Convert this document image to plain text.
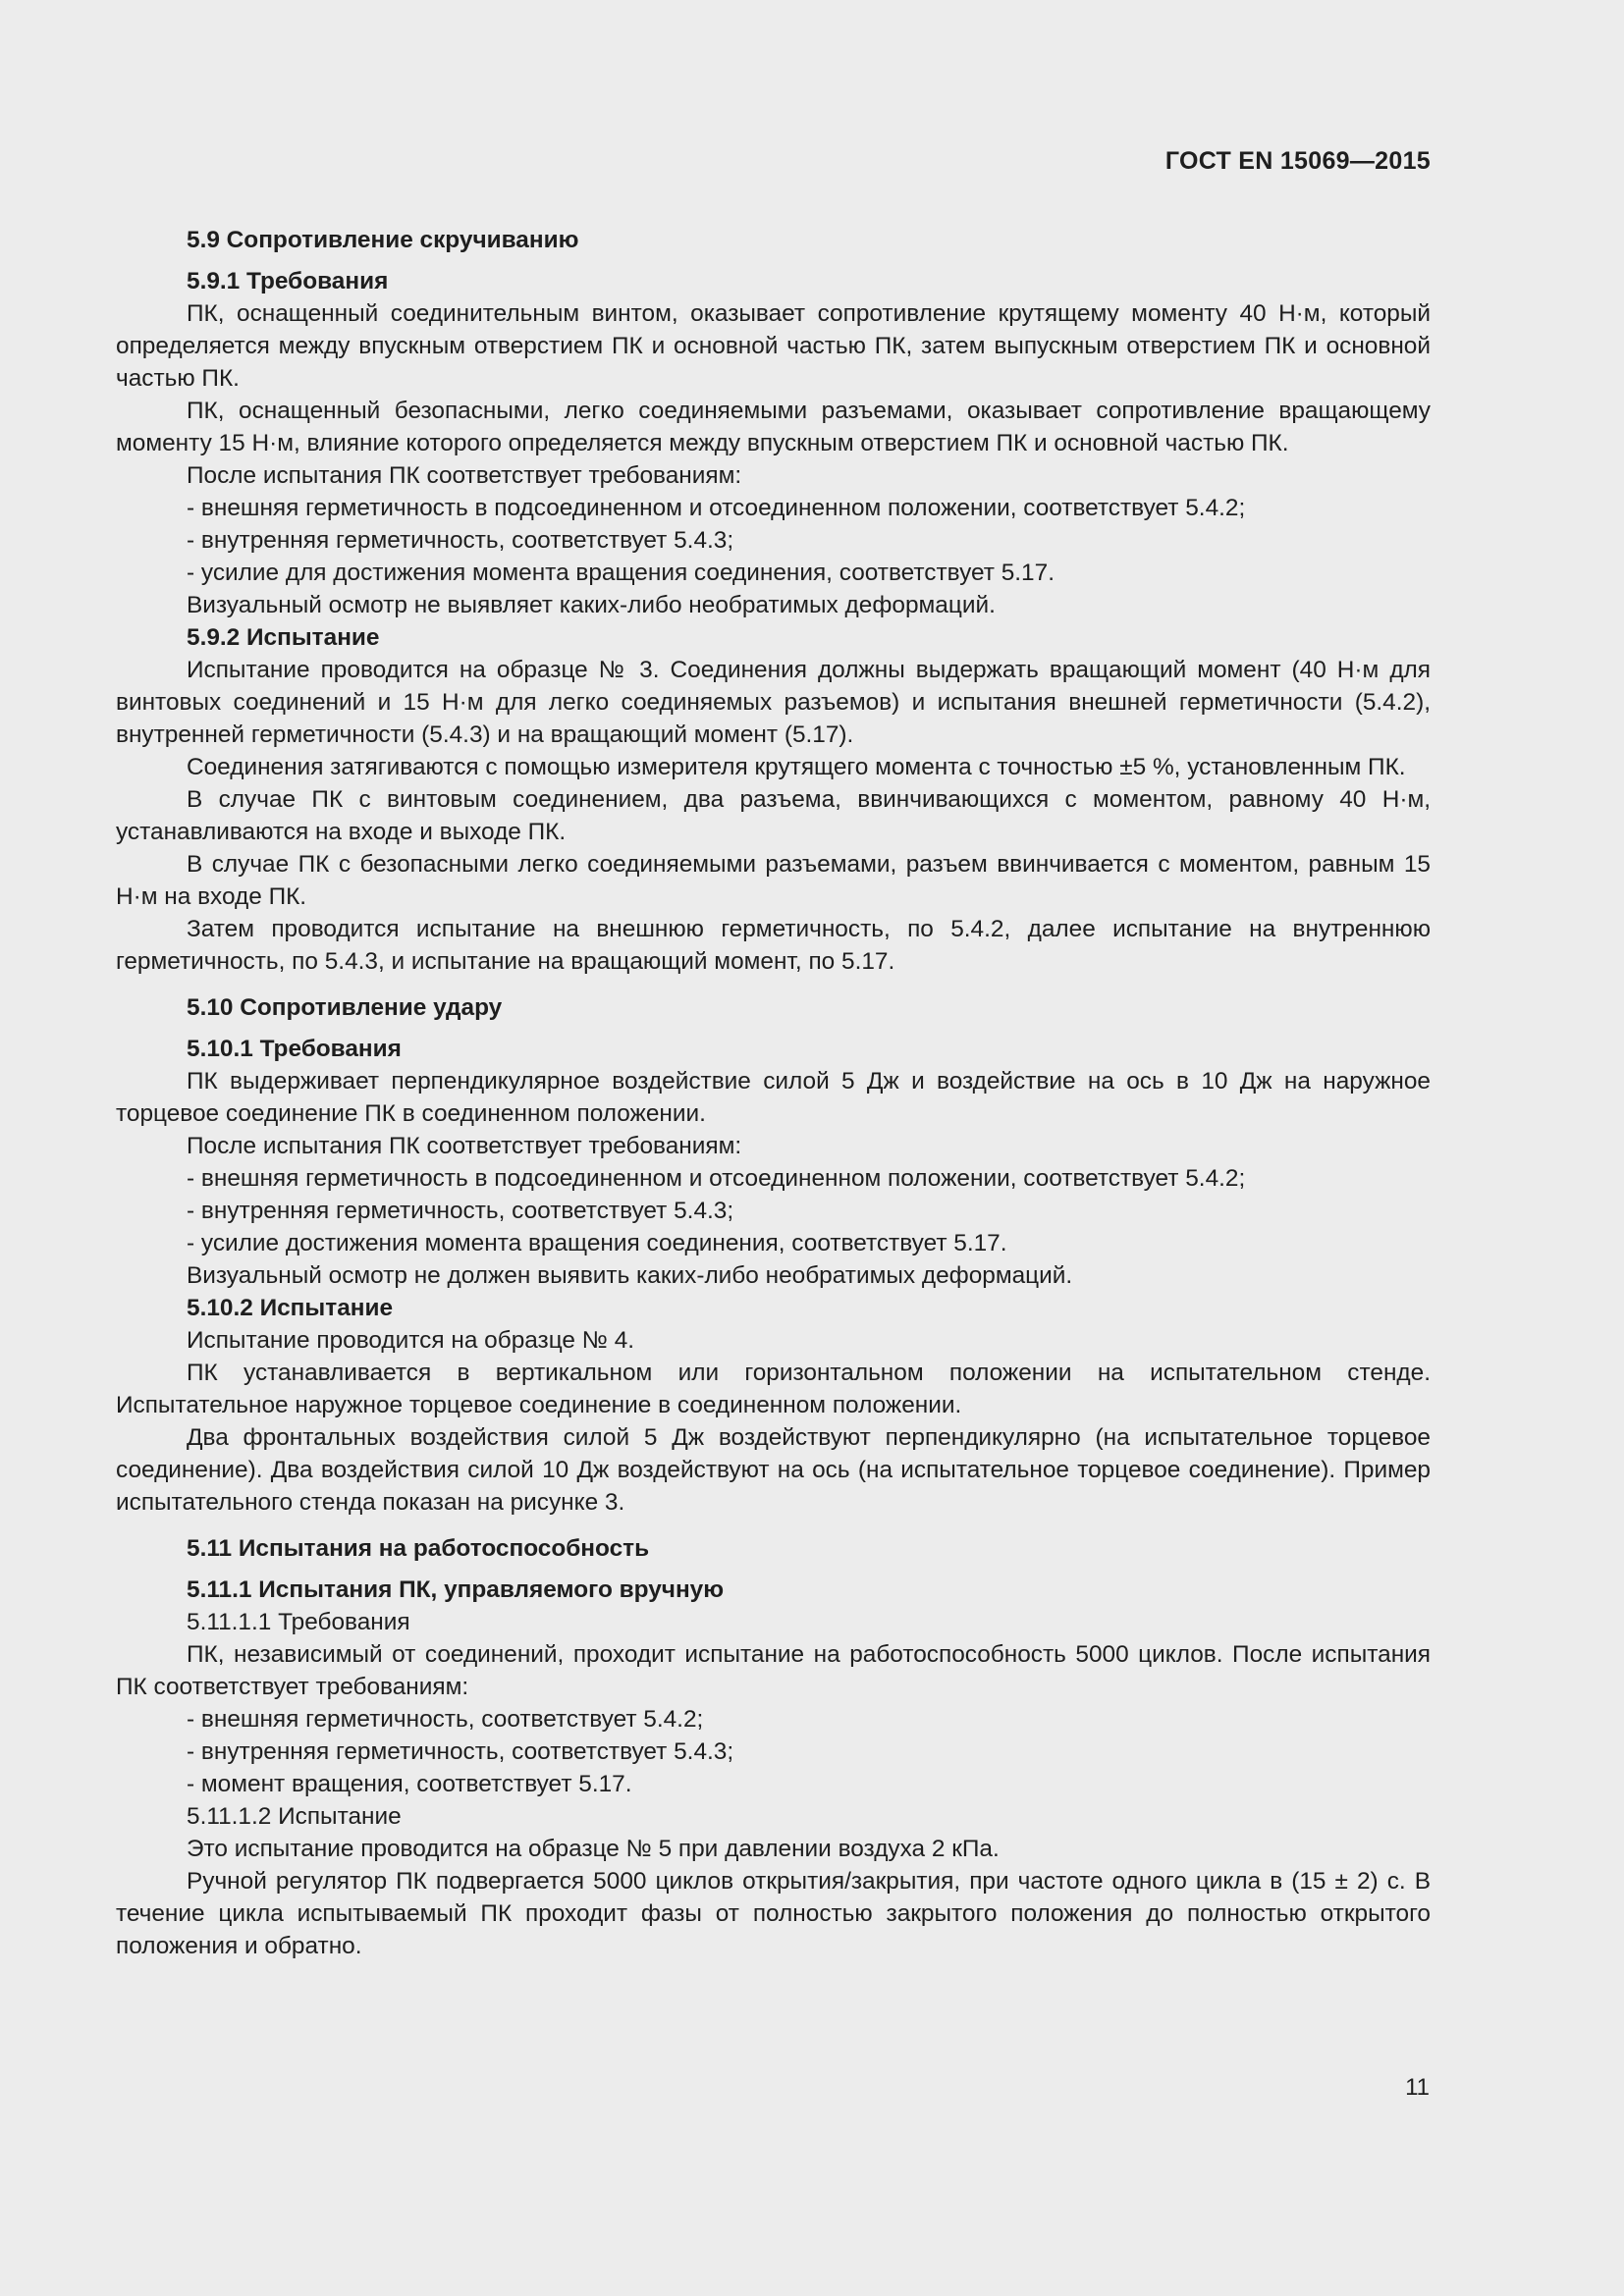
ГОСТ EN 15069—2015

5.9 Сопротивление скручиванию

5.9.1 Требования

ПК, оснащенный соединительным винтом, оказывает сопротивление крутящему моменту 40 Н·м, который определяется между впускным отверстием ПК и основной частью ПК, затем выпускным отверстием ПК и основной частью ПК.

ПК, оснащенный безопасными, легко соединяемыми разъемами, оказывает сопротивление вращающему моменту 15 Н·м, влияние которого определяется между впускным отверстием ПК и основной частью ПК.

После испытания ПК соответствует требованиям:

- внешняя герметичность в подсоединенном и отсоединенном положении, соответствует 5.4.2;

- внутренняя герметичность, соответствует 5.4.3;

- усилие для достижения момента вращения соединения, соответствует 5.17.

Визуальный осмотр не выявляет каких-либо необратимых деформаций.

5.9.2 Испытание

Испытание проводится на образце № 3. Соединения должны выдержать вращающий момент (40 Н·м для винтовых соединений и 15 Н·м для легко соединяемых разъемов) и испытания внешней герметичности (5.4.2), внутренней герметичности (5.4.3) и на вращающий момент (5.17).

Соединения затягиваются с помощью измерителя крутящего момента с точностью ±5 %, установленным ПК.

В случае ПК с винтовым соединением, два разъема, ввинчивающихся с моментом, равному 40 Н·м, устанавливаются на входе и выходе ПК.

В случае ПК с безопасными легко соединяемыми разъемами, разъем ввинчивается с моментом, равным 15 Н·м на входе ПК.

Затем проводится испытание на внешнюю герметичность, по 5.4.2, далее испытание на внутреннюю герметичность, по 5.4.3, и испытание на вращающий момент, по 5.17.

5.10 Сопротивление удару

5.10.1 Требования

ПК выдерживает перпендикулярное воздействие силой 5 Дж и воздействие на ось в 10 Дж на наружное торцевое соединение ПК в соединенном положении.

После испытания ПК соответствует требованиям:

- внешняя герметичность в подсоединенном и отсоединенном положении, соответствует 5.4.2;

- внутренняя герметичность, соответствует 5.4.3;

- усилие достижения момента вращения соединения, соответствует 5.17.

Визуальный осмотр не должен выявить каких-либо необратимых деформаций.

5.10.2 Испытание

Испытание проводится на образце № 4.

ПК устанавливается в вертикальном или горизонтальном положении на испытательном стенде. Испытательное наружное торцевое соединение в соединенном положении.

Два фронтальных воздействия силой 5 Дж воздействуют перпендикулярно (на испытательное торцевое соединение). Два воздействия силой 10 Дж воздействуют на ось (на испытательное торцевое соединение). Пример испытательного стенда показан на рисунке 3.

5.11 Испытания на работоспособность

5.11.1 Испытания ПК, управляемого вручную

5.11.1.1 Требования

ПК, независимый от соединений, проходит испытание на работоспособность 5000 циклов. После испытания ПК соответствует требованиям:

- внешняя герметичность, соответствует 5.4.2;

- внутренняя герметичность, соответствует 5.4.3;

- момент вращения, соответствует 5.17.

5.11.1.2 Испытание

Это испытание проводится на образце № 5 при давлении воздуха 2 кПа.

Ручной регулятор ПК подвергается 5000 циклов открытия/закрытия, при частоте одного цикла в (15 ± 2) с. В течение цикла испытываемый ПК проходит фазы от полностью закрытого положения до полностью открытого положения и обратно.

11
